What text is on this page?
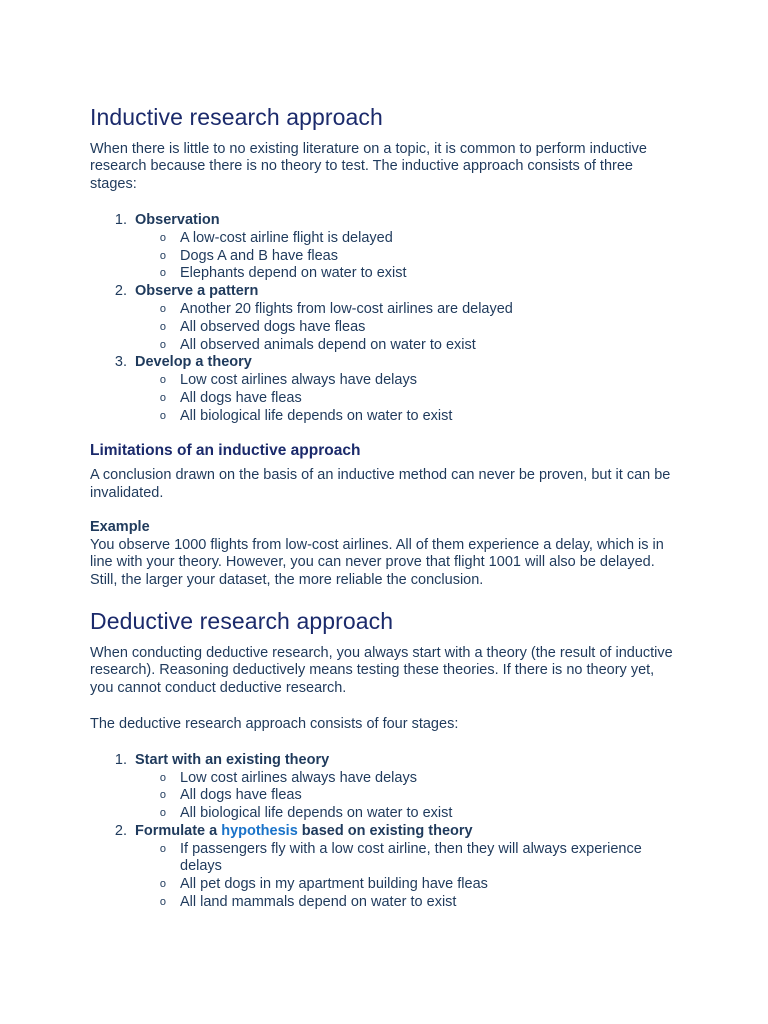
Inductive research approach

When there is little to no existing literature on a topic, it is common to perform inductive research because there is no theory to test. The inductive approach consists of three stages:

1. Observation
o A low-cost airline flight is delayed
o Dogs A and B have fleas
o Elephants depend on water to exist
2. Observe a pattern
o Another 20 flights from low-cost airlines are delayed
o All observed dogs have fleas
o All observed animals depend on water to exist
3. Develop a theory
o Low cost airlines always have delays
o All dogs have fleas
o All biological life depends on water to exist
Limitations of an inductive approach

A conclusion drawn on the basis of an inductive method can never be proven, but it can be invalidated.

Example

You observe 1000 flights from low-cost airlines. All of them experience a delay, which is in line with your theory. However, you can never prove that flight 1001 will also be delayed. Still, the larger your dataset, the more reliable the conclusion.

Deductive research approach

When conducting deductive research, you always start with a theory (the result of inductive research). Reasoning deductively means testing these theories. If there is no theory yet, you cannot conduct deductive research.

The deductive research approach consists of four stages:

1. Start with an existing theory
o Low cost airlines always have delays
o All dogs have fleas
o All biological life depends on water to exist
2. Formulate a hypothesis based on existing theory
o If passengers fly with a low cost airline, then they will always experience delays
o All pet dogs in my apartment building have fleas
o All land mammals depend on water to exist
